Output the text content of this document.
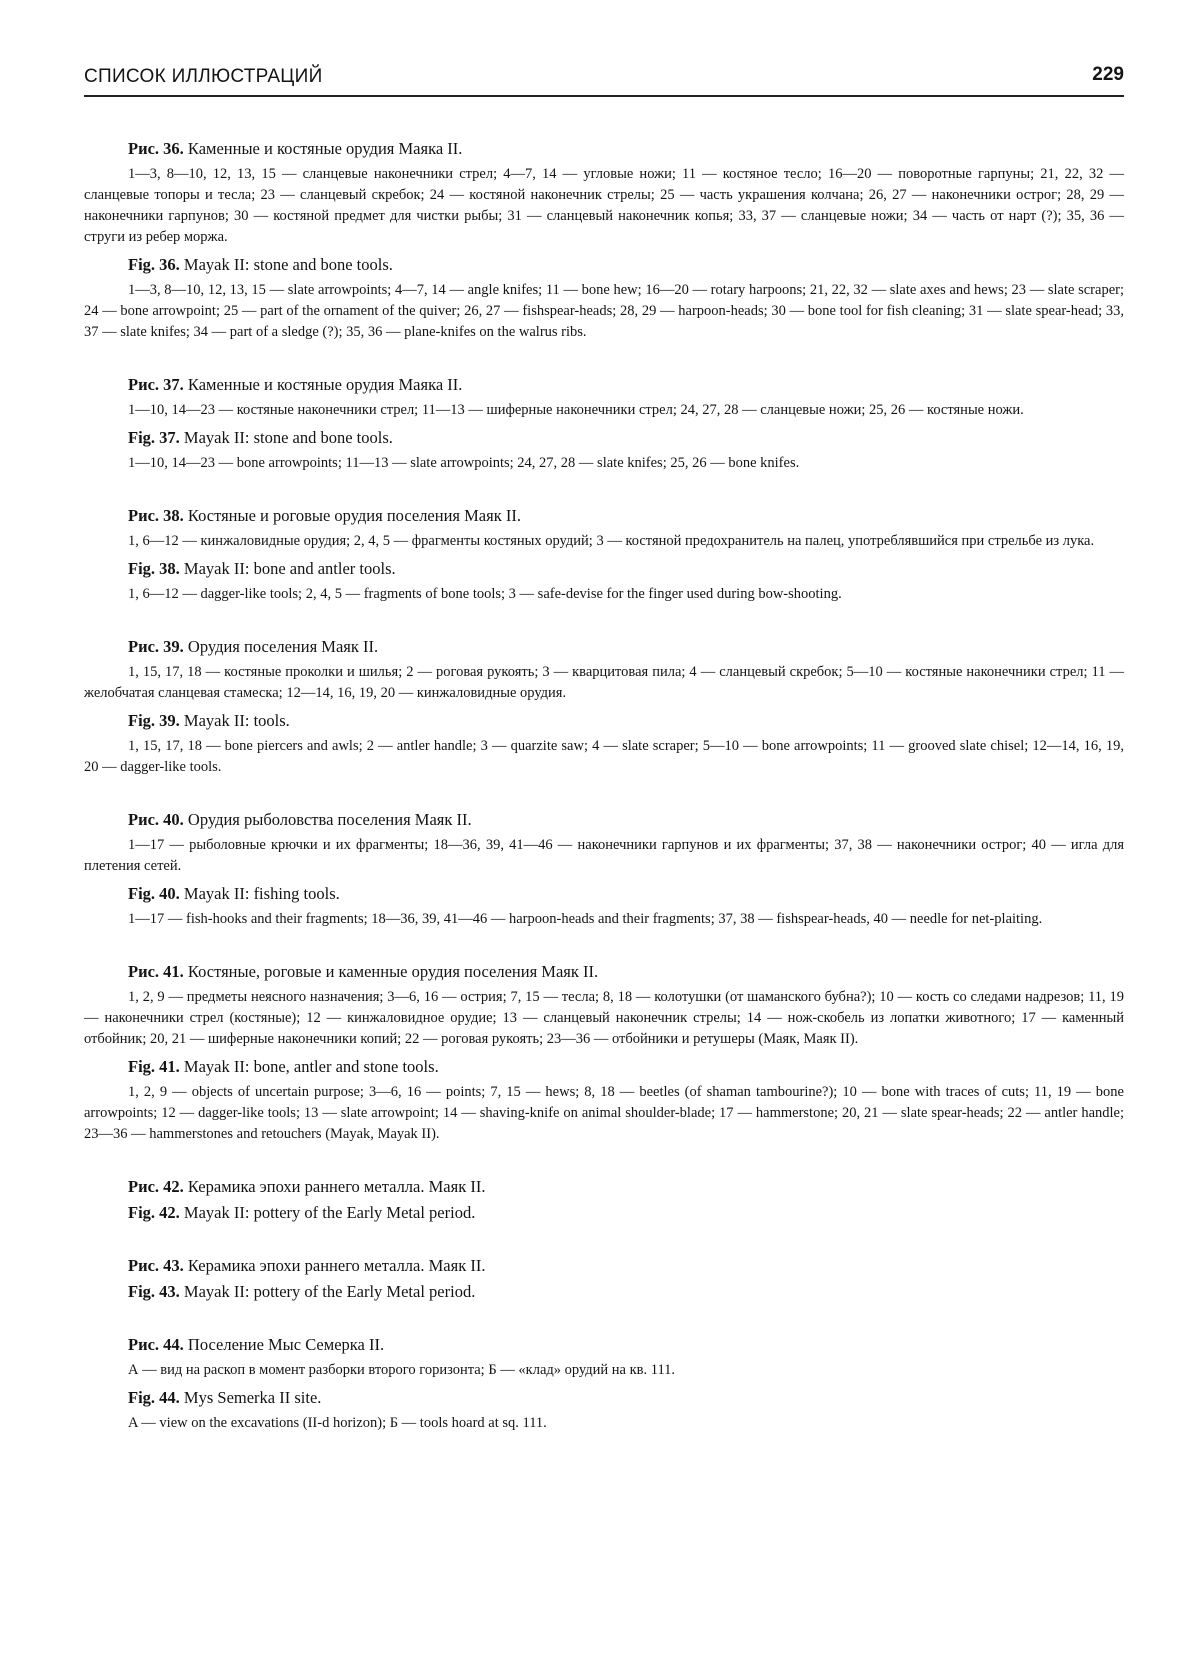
СПИСОК ИЛЛЮСТРАЦИЙ	229

Рис. 36. Каменные и костяные орудия Маяка II.

1—3, 8—10, 12, 13, 15 — сланцевые наконечники стрел; 4—7, 14 — угловые ножи; 11 — костяное тесло; 16—20 — поворотные гарпуны; 21, 22, 32 — сланцевые топоры и тесла; 23 — сланцевый скребок; 24 — костяной наконечник стрелы; 25 — часть украшения колчана; 26, 27 — наконечники острог; 28, 29 — наконечники гарпунов; 30 — костяной предмет для чистки рыбы; 31 — сланцевый наконечник копья; 33, 37 — сланцевые ножи; 34 — часть от нарт (?); 35, 36 — струги из ребер моржа.

Fig. 36. Mayak II: stone and bone tools.

1—3, 8—10, 12, 13, 15 — slate arrowpoints; 4—7, 14 — angle knifes; 11 — bone hew; 16—20 — rotary harpoons; 21, 22, 32 — slate axes and hews; 23 — slate scraper; 24 — bone arrowpoint; 25 — part of the ornament of the quiver; 26, 27 — fishspear-heads; 28, 29 — harpoon-heads; 30 — bone tool for fish cleaning; 31 — slate spear-head; 33, 37 — slate knifes; 34 — part of a sledge (?); 35, 36 — plane-knifes on the walrus ribs.

Рис. 37. Каменные и костяные орудия Маяка II.

1—10, 14—23 — костяные наконечники стрел; 11—13 — шиферные наконечники стрел; 24, 27, 28 — сланцевые ножи; 25, 26 — костяные ножи.

Fig. 37. Mayak II: stone and bone tools.

1—10, 14—23 — bone arrowpoints; 11—13 — slate arrowpoints; 24, 27, 28 — slate knifes; 25, 26 — bone knifes.

Рис. 38. Костяные и роговые орудия поселения Маяк II.

1, 6—12 — кинжаловидные орудия; 2, 4, 5 — фрагменты костяных орудий; 3 — костяной предохранитель на палец, употреблявшийся при стрельбе из лука.

Fig. 38. Mayak II: bone and antler tools.

1, 6—12 — dagger-like tools; 2, 4, 5 — fragments of bone tools; 3 — safe-devise for the finger used during bow-shooting.

Рис. 39. Орудия поселения Маяк II.

1, 15, 17, 18 — костяные проколки и шилья; 2 — роговая рукоять; 3 — кварцитовая пила; 4 — сланцевый скребок; 5—10 — костяные наконечники стрел; 11 — желобчатая сланцевая стамеска; 12—14, 16, 19, 20 — кинжаловидные орудия.

Fig. 39. Mayak II: tools.

1, 15, 17, 18 — bone piercers and awls; 2 — antler handle; 3 — quarzite saw; 4 — slate scraper; 5—10 — bone arrowpoints; 11 — grooved slate chisel; 12—14, 16, 19, 20 — dagger-like tools.

Рис. 40. Орудия рыболовства поселения Маяк II.

1—17 — рыболовные крючки и их фрагменты; 18—36, 39, 41—46 — наконечники гарпунов и их фрагменты; 37, 38 — наконечники острог; 40 — игла для плетения сетей.

Fig. 40. Mayak II: fishing tools.

1—17 — fish-hooks and their fragments; 18—36, 39, 41—46 — harpoon-heads and their fragments; 37, 38 — fishspear-heads, 40 — needle for net-plaiting.

Рис. 41. Костяные, роговые и каменные орудия поселения Маяк II.

1, 2, 9 — предметы неясного назначения; 3—6, 16 — острия; 7, 15 — тесла; 8, 18 — колотушки (от шаманского бубна?); 10 — кость со следами надрезов; 11, 19 — наконечники стрел (костяные); 12 — кинжаловидное орудие; 13 — сланцевый наконечник стрелы; 14 — нож-скобель из лопатки животного; 17 — каменный отбойник; 20, 21 — шиферные наконечники копий; 22 — роговая рукоять; 23—36 — отбойники и ретушеры (Маяк, Маяк II).

Fig. 41. Mayak II: bone, antler and stone tools.

1, 2, 9 — objects of uncertain purpose; 3—6, 16 — points; 7, 15 — hews; 8, 18 — beetles (of shaman tambourine?); 10 — bone with traces of cuts; 11, 19 — bone arrowpoints; 12 — dagger-like tools; 13 — slate arrowpoint; 14 — shaving-knife on animal shoulder-blade; 17 — hammerstone; 20, 21 — slate spear-heads; 22 — antler handle; 23—36 — hammerstones and retouchers (Mayak, Mayak II).

Рис. 42. Керамика эпохи раннего металла. Маяк II.

Fig. 42. Mayak II: pottery of the Early Metal period.

Рис. 43. Керамика эпохи раннего металла. Маяк II.

Fig. 43. Mayak II: pottery of the Early Metal period.

Рис. 44. Поселение Мыс Семерка II.

А — вид на раскоп в момент разборки второго горизонта; Б — «клад» орудий на кв. 111.

Fig. 44. Mys Semerka II site.

A — view on the excavations (II-d horizon); Б — tools hoard at sq. 111.
